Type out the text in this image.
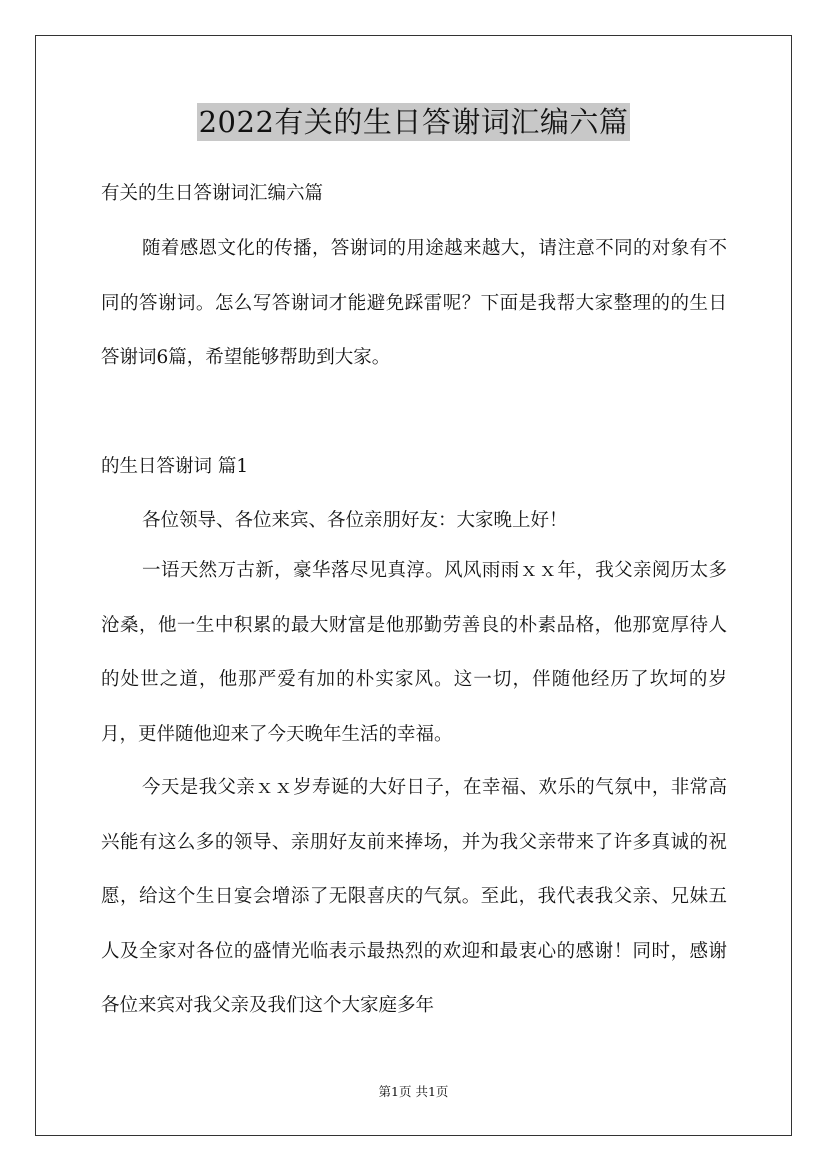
2022有关的生日答谢词汇编六篇
有关的生日答谢词汇编六篇
随着感恩文化的传播，答谢词的用途越来越大，请注意不同的对象有不同的答谢词。怎么写答谢词才能避免踩雷呢？下面是我帮大家整理的的生日答谢词6篇，希望能够帮助到大家。
的生日答谢词 篇1
各位领导、各位来宾、各位亲朋好友：大家晚上好！
一语天然万古新，豪华落尽见真淳。风风雨雨ｘｘ年，我父亲阅历太多沧桑，他一生中积累的最大财富是他那勤劳善良的朴素品格，他那宽厚待人的处世之道，他那严爱有加的朴实家风。这一切，伴随他经历了坎坷的岁月，更伴随他迎来了今天晚年生活的幸福。
今天是我父亲ｘｘ岁寿诞的大好日子，在幸福、欢乐的气氛中，非常高兴能有这么多的领导、亲朋好友前来捧场，并为我父亲带来了许多真诚的祝愿，给这个生日宴会增添了无限喜庆的气氛。至此，我代表我父亲、兄妹五人及全家对各位的盛情光临表示最热烈的欢迎和最衷心的感谢！同时，感谢各位来宾对我父亲及我们这个大家庭多年
第1页 共1页
